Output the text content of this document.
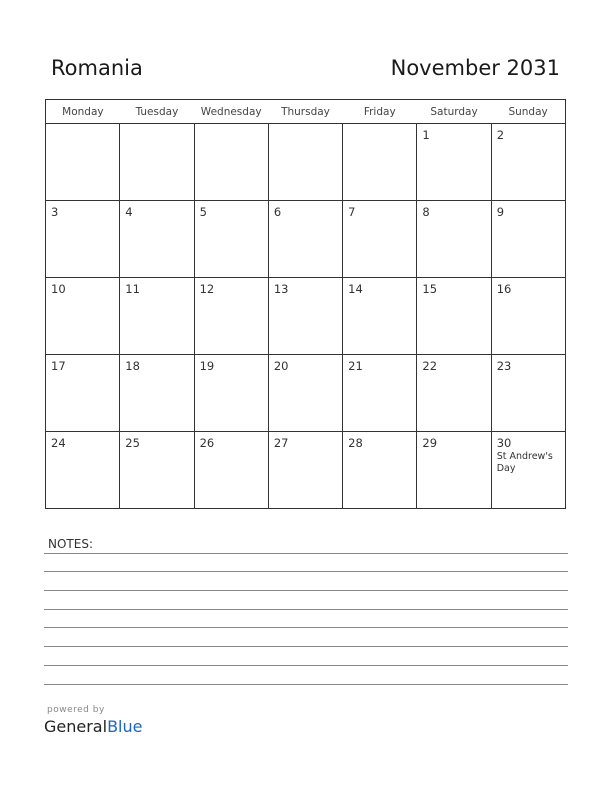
Romania	November 2031
Monday	Tuesday	Wednesday	Thursday	Friday	Saturday	Sunday

					1	2

3	4	5	6	7	8	9

10	11	12	13	14	15	16

17	18	19	20	21	22	23

24	25	26	27	28	29	30
St Andrew's Day
NOTES:
powered by
GeneralBlue
